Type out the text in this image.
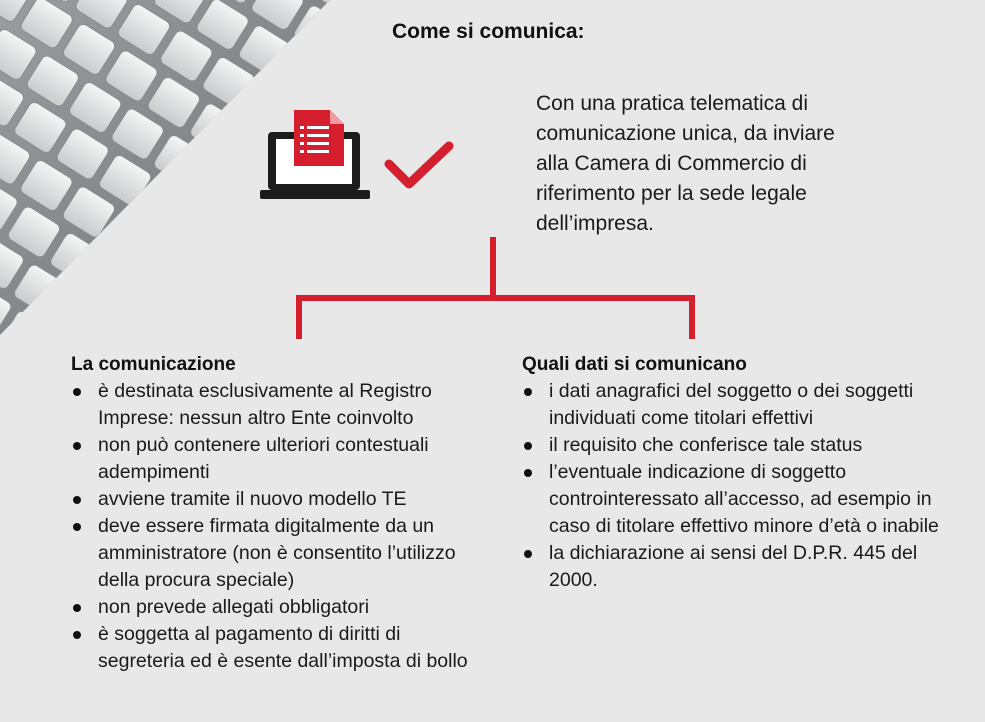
Come si comunica:
Con una pratica telematica di comunicazione unica, da inviare alla Camera di Commercio di riferimento per la sede legale dell’impresa.
La comunicazione
è destinata esclusivamente al Registro Imprese: nessun altro Ente coinvolto
non può contenere ulteriori contestuali adempimenti
avviene tramite il nuovo modello TE
deve essere firmata digitalmente da un amministratore (non è consentito l’utilizzo della procura speciale)
non prevede allegati obbligatori
è soggetta al pagamento di diritti di segreteria ed è esente dall’imposta di bollo
Quali dati si comunicano
i dati anagrafici del soggetto o dei soggetti individuati come titolari effettivi
il requisito che conferisce tale status
l’eventuale indicazione di soggetto controinteressato all’accesso, ad esempio in caso di titolare effettivo minore d’età o inabile
la dichiarazione ai sensi del D.P.R. 445 del 2000.
